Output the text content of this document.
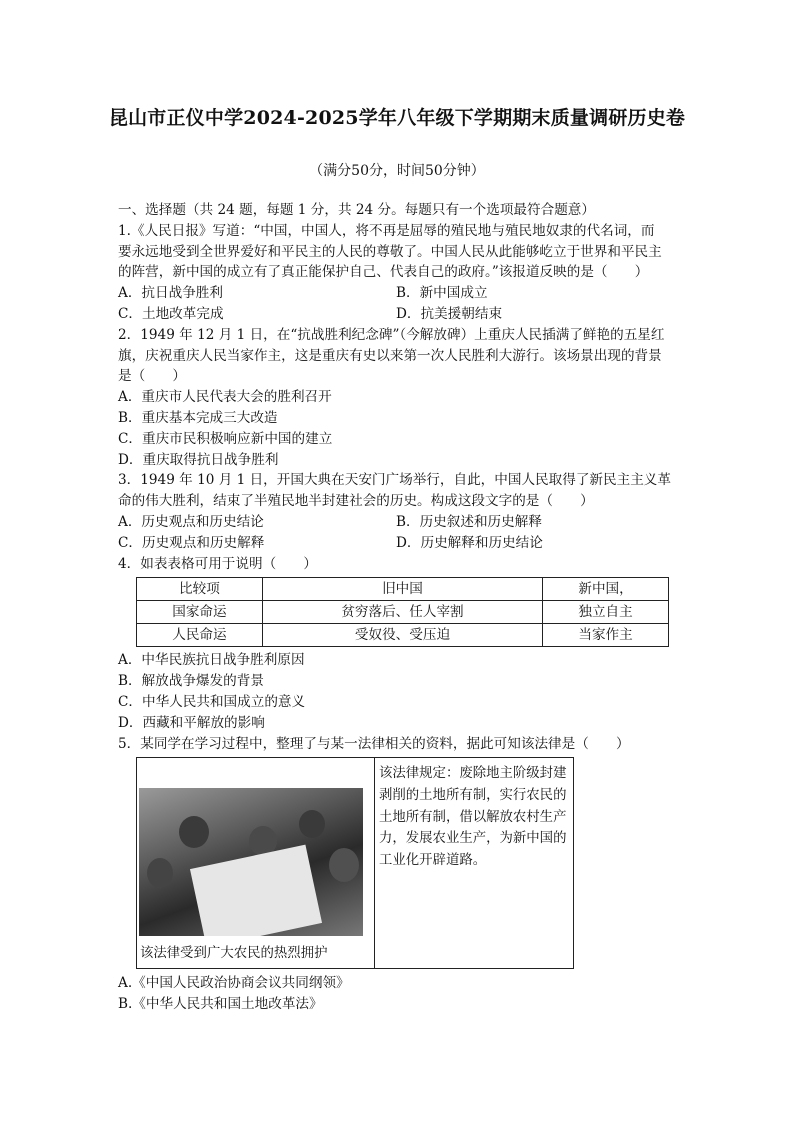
昆山市正仪中学2024-2025学年八年级下学期期末质量调研历史卷
（满分50分，时间50分钟）
一、选择题（共 24 题，每题 1 分，共 24 分。每题只有一个选项最符合题意）
1.《人民日报》写道：“中国，中国人，将不再是屈辱的殖民地与殖民地奴隶的代名词，而
要永远地受到全世界爱好和平民主的人民的尊敬了。中国人民从此能够屹立于世界和平民主
的阵营，新中国的成立有了真正能保护自己、代表自己的政府。”该报道反映的是（　　）
A．抗日战争胜利	B．新中国成立
C．土地改革完成	D．抗美援朝结束
2．1949 年 12 月 1 日，在“抗战胜利纪念碑”（今解放碑）上重庆人民插满了鲜艳的五星红
旗，庆祝重庆人民当家作主，这是重庆有史以来第一次人民胜利大游行。该场景出现的背景
是（　　）
A．重庆市人民代表大会的胜利召开
B．重庆基本完成三大改造
C．重庆市民积极响应新中国的建立
D．重庆取得抗日战争胜利
3．1949 年 10 月 1 日，开国大典在天安门广场举行，自此，中国人民取得了新民主主义革
命的伟大胜利，结束了半殖民地半封建社会的历史。构成这段文字的是（　　）
A．历史观点和历史结论	B．历史叙述和历史解释
C．历史观点和历史解释	D．历史解释和历史结论
4．如表表格可用于说明（　　）
比较项	旧中国	新中国，
国家命运	贫穷落后、任人宰割	独立自主
人民命运	受奴役、受压迫	当家作主
A．中华民族抗日战争胜利原因
B．解放战争爆发的背景
C．中华人民共和国成立的意义
D．西藏和平解放的影响
5．某同学在学习过程中，整理了与某一法律相关的资料，据此可知该法律是（　　）
该法律受到广大农民的热烈拥护
该法律规定：废除地主阶级封建
剥削的土地所有制，实行农民的
土地所有制，借以解放农村生产
力，发展农业生产，为新中国的
工业化开辟道路。
A.《中国人民政治协商会议共同纲领》
B.《中华人民共和国土地改革法》
